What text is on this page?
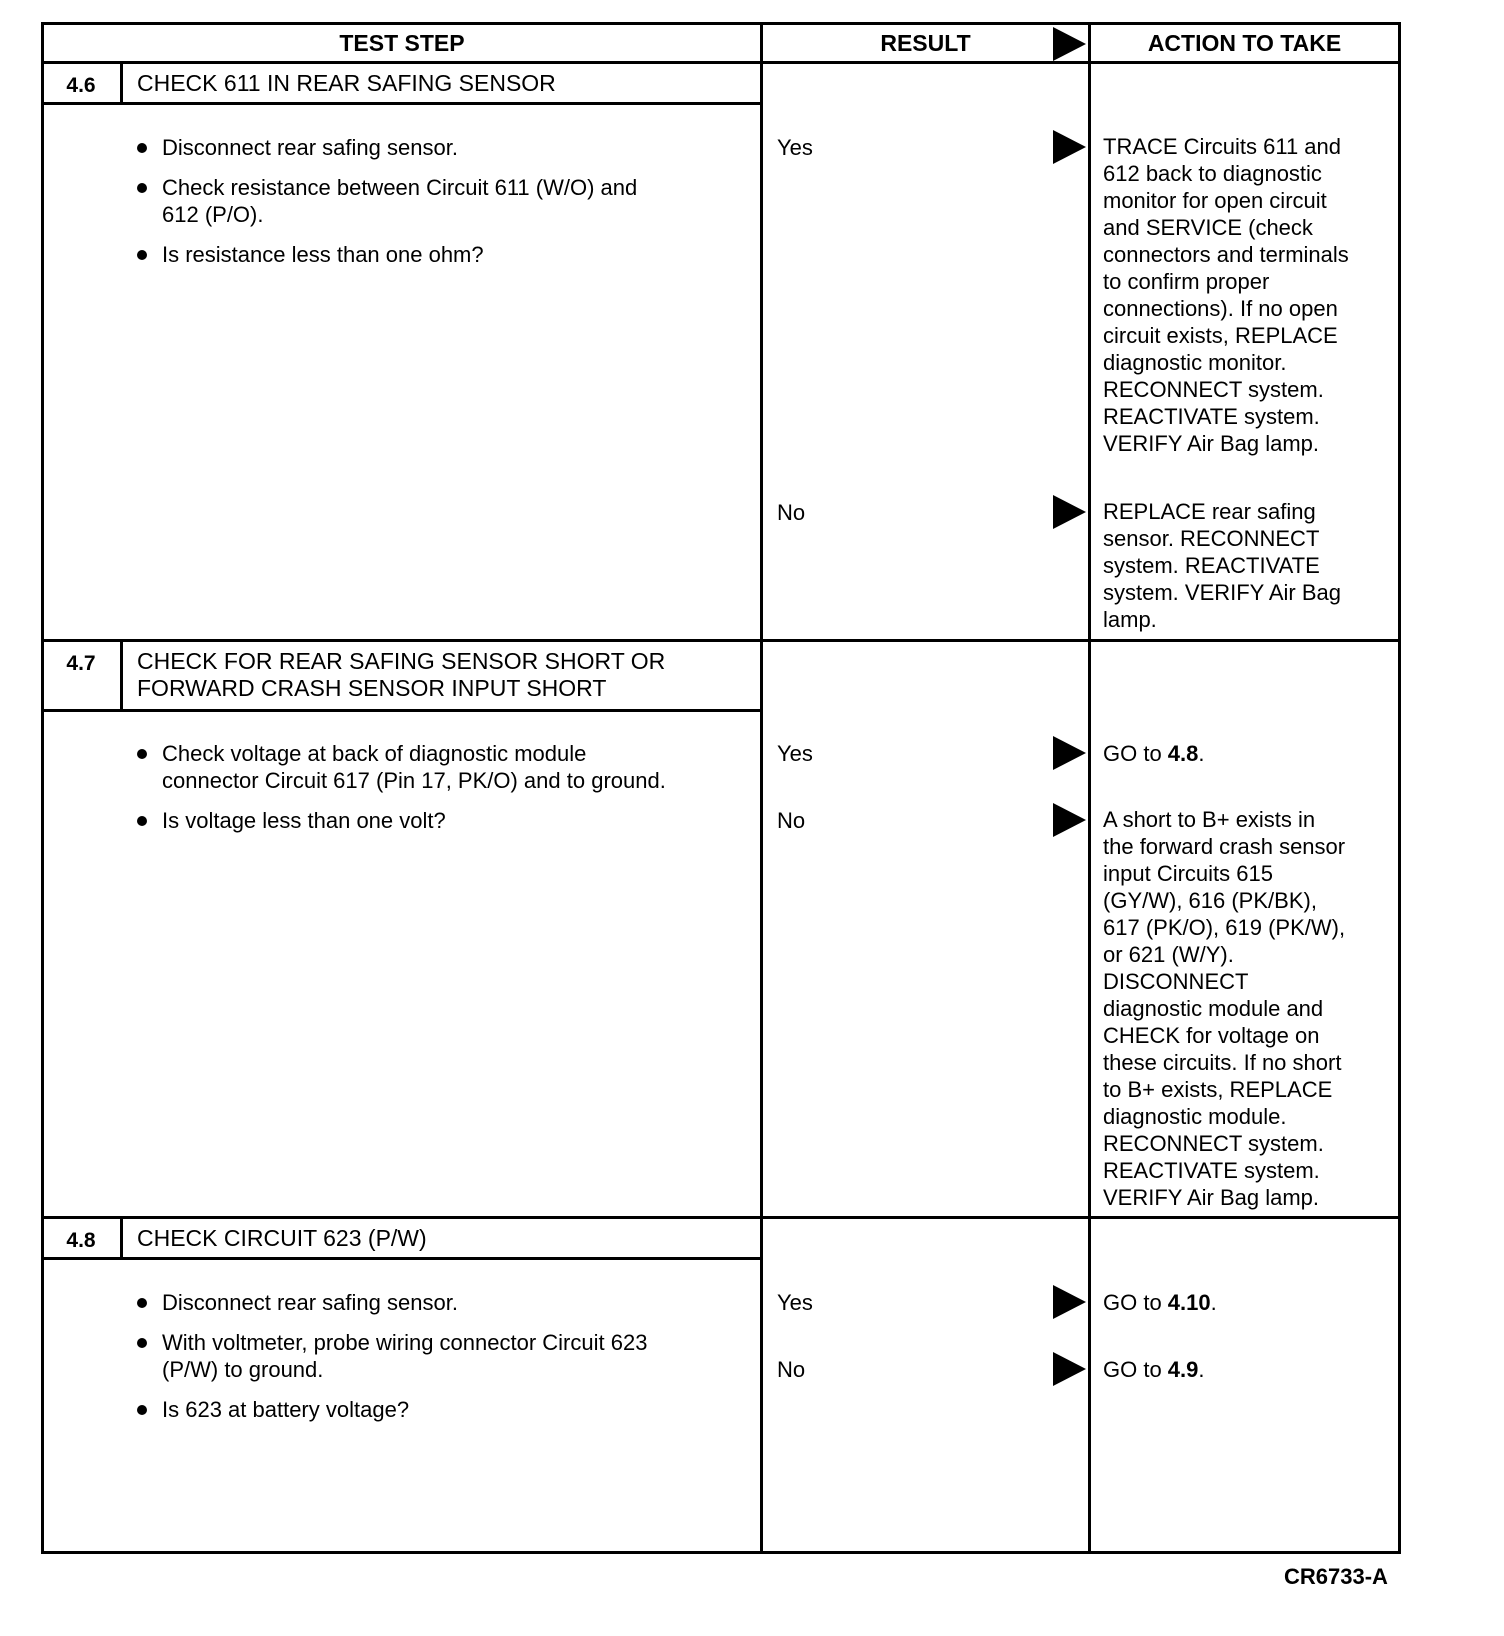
TEST STEP	RESULT	ACTION TO TAKE
4.6	CHECK 611 IN REAR SAFING SENSOR
Disconnect rear safing sensor.
Check resistance between Circuit 611 (W/O) and
612 (P/O).
Is resistance less than one ohm?
Yes	TRACE Circuits 611 and
612 back to diagnostic
monitor for open circuit
and SERVICE (check
connectors and terminals
to confirm proper
connections). If no open
circuit exists, REPLACE
diagnostic monitor.
RECONNECT system.
REACTIVATE system.
VERIFY Air Bag lamp.
No	REPLACE rear safing
sensor. RECONNECT
system. REACTIVATE
system. VERIFY Air Bag
lamp.
4.7	CHECK FOR REAR SAFING SENSOR SHORT OR
FORWARD CRASH SENSOR INPUT SHORT
Check voltage at back of diagnostic module
connector Circuit 617 (Pin 17, PK/O) and to ground.
Is voltage less than one volt?
Yes	GO to 4.8.
No	A short to B+ exists in
the forward crash sensor
input Circuits 615
(GY/W), 616 (PK/BK),
617 (PK/O), 619 (PK/W),
or 621 (W/Y).
DISCONNECT
diagnostic module and
CHECK for voltage on
these circuits. If no short
to B+ exists, REPLACE
diagnostic module.
RECONNECT system.
REACTIVATE system.
VERIFY Air Bag lamp.
4.8	CHECK CIRCUIT 623 (P/W)
Disconnect rear safing sensor.
With voltmeter, probe wiring connector Circuit 623
(P/W) to ground.
Is 623 at battery voltage?
Yes	GO to 4.10.
No	GO to 4.9.
CR6733-A
